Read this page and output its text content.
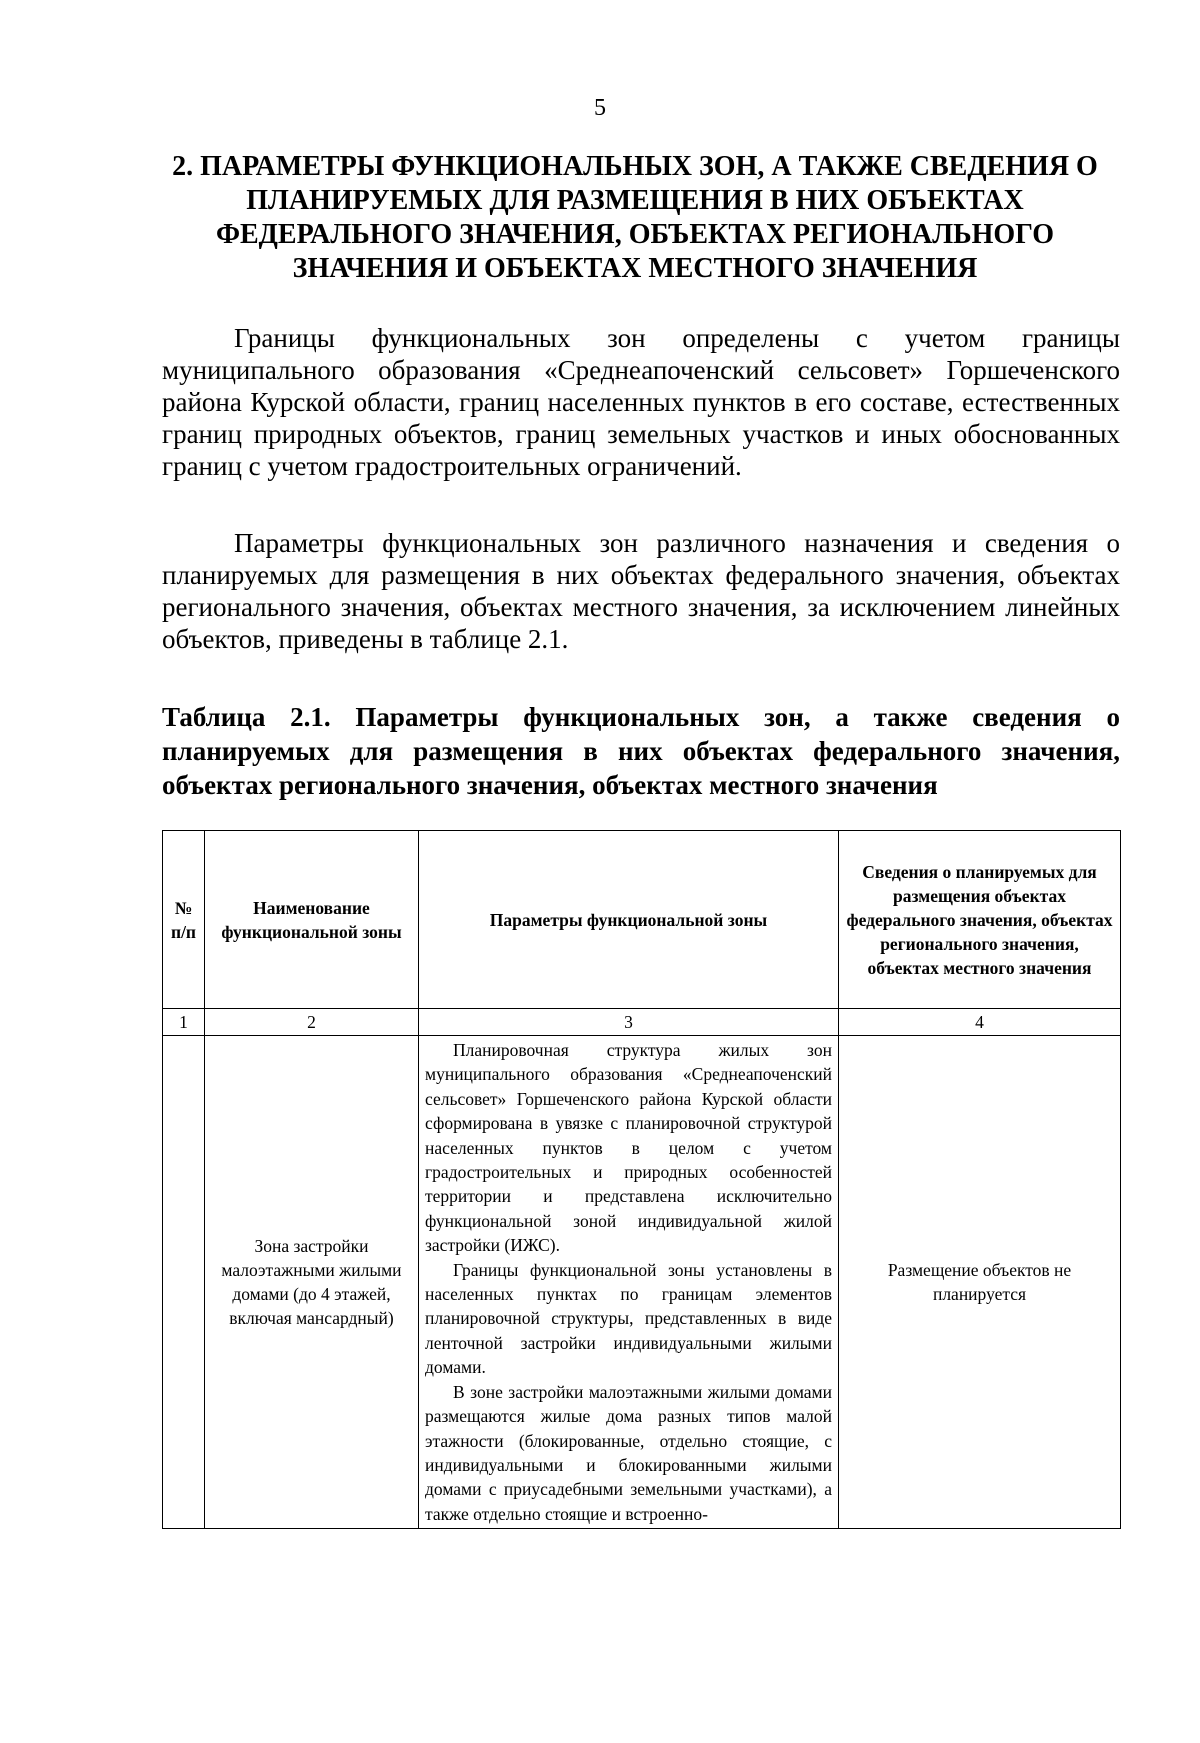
5
2. ПАРАМЕТРЫ ФУНКЦИОНАЛЬНЫХ ЗОН, А ТАКЖЕ СВЕДЕНИЯ О ПЛАНИРУЕМЫХ ДЛЯ РАЗМЕЩЕНИЯ В НИХ ОБЪЕКТАХ ФЕДЕРАЛЬНОГО ЗНАЧЕНИЯ, ОБЪЕКТАХ РЕГИОНАЛЬНОГО ЗНАЧЕНИЯ И ОБЪЕКТАХ МЕСТНОГО ЗНАЧЕНИЯ
Границы функциональных зон определены с учетом границы муниципального образования «Среднеапоченский сельсовет» Горшеченского района Курской области, границ населенных пунктов в его составе, естественных границ природных объектов, границ земельных участков и иных обоснованных границ с учетом градостроительных ограничений.
Параметры функциональных зон различного назначения и сведения о планируемых для размещения в них объектах федерального значения, объектах регионального значения, объектах местного значения, за исключением линейных объектов, приведены в таблице 2.1.
Таблица 2.1. Параметры функциональных зон, а также сведения о планируемых для размещения в них объектах федерального значения, объектах регионального значения, объектах местного значения
№ п/п	Наименование функциональной зоны	Параметры функциональной зоны	Сведения о планируемых для размещения объектах федерального значения, объектах регионального значения, объектах местного значения
1	2	3	4
	Зона застройки малоэтажными жилыми домами (до 4 этажей, включая мансардный)	Планировочная структура жилых зон муниципального образования «Среднеапоченский сельсовет» Горшеченского района Курской области сформирована в увязке с планировочной структурой населенных пунктов в целом с учетом градостроительных и природных особенностей территории и представлена исключительно функциональной зоной индивидуальной жилой застройки (ИЖС).

Границы функциональной зоны установлены в населенных пунктах по границам элементов планировочной структуры, представленных в виде ленточной застройки индивидуальными жилыми домами.

В зоне застройки малоэтажными жилыми домами размещаются жилые дома разных типов малой этажности (блокированные, отдельно стоящие, с индивидуальными и блокированными жилыми домами с приусадебными земельными участками), а также отдельно стоящие и встроенно-	Размещение объектов не планируется
